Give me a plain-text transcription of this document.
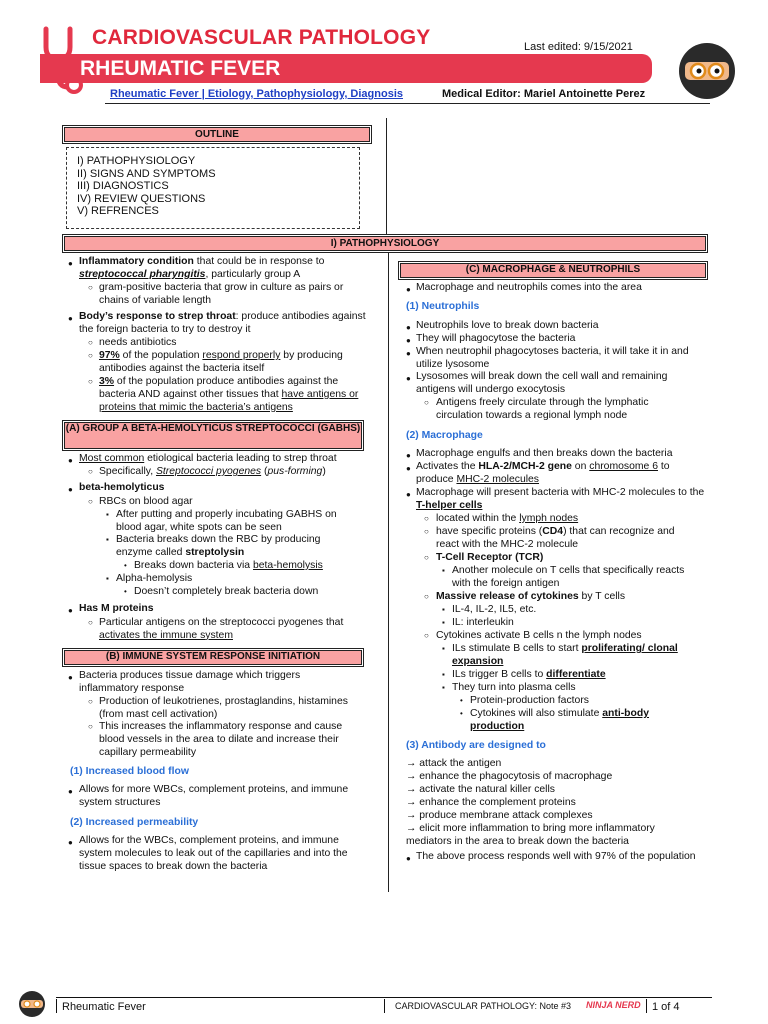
CARDIOVASCULAR PATHOLOGY
RHEUMATIC FEVER
Last edited: 9/15/2021
Rheumatic Fever | Etiology, Pathophysiology, Diagnosis	Medical Editor: Mariel Antoinette Perez
OUTLINE
I) PATHOPHYSIOLOGY
II) SIGNS AND SYMPTOMS
III) DIAGNOSTICS
IV) REVIEW QUESTIONS
V) REFRENCES
I) PATHOPHYSIOLOGY
● Inflammatory condition that could be in response to streptococcal pharyngitis, particularly group A
○ gram-positive bacteria that grow in culture as pairs or chains of variable length
● Body’s response to strep throat: produce antibodies against the foreign bacteria to try to destroy it
○ needs antibiotics
○ 97% of the population respond properly by producing antibodies against the bacteria itself
○ 3% of the population produce antibodies against the bacteria AND against other tissues that have antigens or proteins that mimic the bacteria’s antigens
(A) GROUP A BETA-HEMOLYTICUS STREPTOCOCCI (GABHS)
● Most common etiological bacteria leading to strep throat
○ Specifically, Streptococci pyogenes (pus-forming)
● beta-hemolyticus
○ RBCs on blood agar
▪ After putting and properly incubating GABHS on blood agar, white spots can be seen
▪ Bacteria breaks down the RBC by producing enzyme called streptolysin
• Breaks down bacteria via beta-hemolysis
▪ Alpha-hemolysis
• Doesn’t completely break bacteria down
● Has M proteins
○ Particular antigens on the streptococci pyogenes that activates the immune system
(B) IMMUNE SYSTEM RESPONSE INITIATION
● Bacteria produces tissue damage which triggers inflammatory response
○ Production of leukotrienes, prostaglandins, histamines (from mast cell activation)
○ This increases the inflammatory response and cause blood vessels in the area to dilate and increase their capillary permeability
(1) Increased blood flow
● Allows for more WBCs, complement proteins, and immune system structures
(2) Increased permeability
● Allows for the WBCs, complement proteins, and immune system molecules to leak out of the capillaries and into the tissue spaces to break down the bacteria
(C) MACROPHAGE & NEUTROPHILS
● Macrophage and neutrophils comes into the area
(1) Neutrophils
● Neutrophils love to break down bacteria
● They will phagocytose the bacteria
● When neutrophil phagocytoses bacteria, it will take it in and utilize lysosome
● Lysosomes will break down the cell wall and remaining antigens will undergo exocytosis
○ Antigens freely circulate through the lymphatic circulation towards a regional lymph node
(2) Macrophage
● Macrophage engulfs and then breaks down the bacteria
● Activates the HLA-2/MCH-2 gene on chromosome 6 to produce MHC-2 molecules
● Macrophage will present bacteria with MHC-2 molecules to the T-helper cells
○ located within the lymph nodes
○ have specific proteins (CD4) that can recognize and react with the MHC-2 molecule
○ T-Cell Receptor (TCR)
▪ Another molecule on T cells that specifically reacts with the foreign antigen
○ Massive release of cytokines by T cells
▪ IL-4, IL-2, IL5, etc.
▪ IL: interleukin
○ Cytokines activate B cells n the lymph nodes
▪ ILs stimulate B cells to start proliferating/ clonal expansion
▪ ILs trigger B cells to differentiate
▪ They turn into plasma cells
• Protein-production factors
• Cytokines will also stimulate anti-body production
(3) Antibody are designed to
→ attack the antigen
→ enhance the phagocytosis of macrophage
→ activate the natural killer cells
→ enhance the complement proteins
→ produce membrane attack complexes
→ elicit more inflammation to bring more inflammatory mediators in the area to break down the bacteria
● The above process responds well with 97% of the population
Rheumatic Fever	CARDIOVASCULAR PATHOLOGY: Note #3 NINJA NERD 1 of 4
